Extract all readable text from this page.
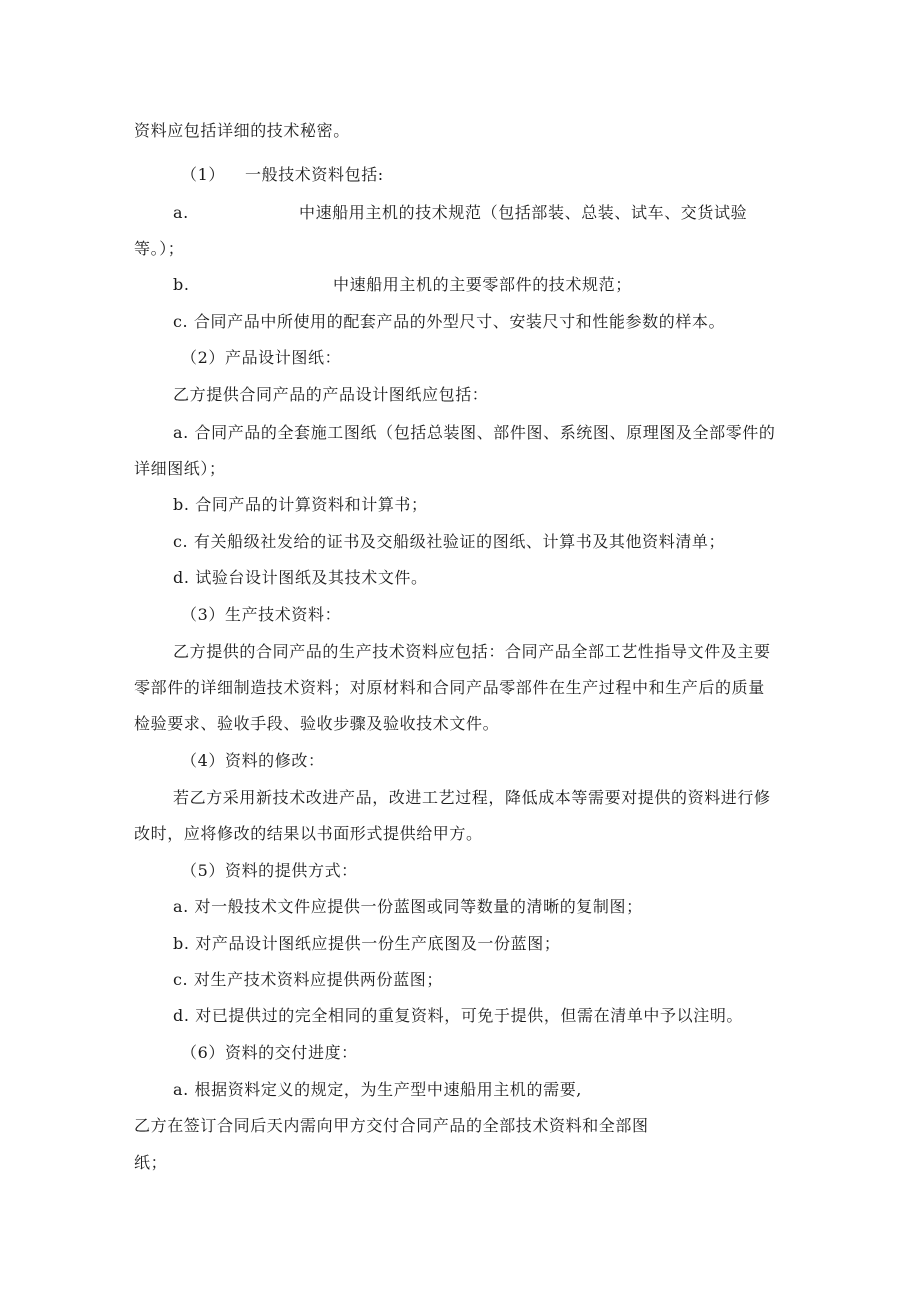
资料应包括详细的技术秘密。
（1） 一般技术资料包括:
a.	中速船用主机的技术规范（包括部装、总装、试车、交货试验
等。）；
b.	中速船用主机的主要零部件的技术规范；
c. 合同产品中所使用的配套产品的外型尺寸、安装尺寸和性能参数的样本。
（2）产品设计图纸：
乙方提供合同产品的产品设计图纸应包括：
a. 合同产品的全套施工图纸（包括总装图、部件图、系统图、原理图及全部零件的
详细图纸）；
b. 合同产品的计算资料和计算书；
c. 有关船级社发给的证书及交船级社验证的图纸、计算书及其他资料清单；
d. 试验台设计图纸及其技术文件。
（3）生产技术资料：
乙方提供的合同产品的生产技术资料应包括：合同产品全部工艺性指导文件及主要
零部件的详细制造技术资料；对原材料和合同产品零部件在生产过程中和生产后的质量
检验要求、验收手段、验收步骤及验收技术文件。
（4）资料的修改：
若乙方采用新技术改进产品，改进工艺过程，降低成本等需要对提供的资料进行修
改时，应将修改的结果以书面形式提供给甲方。
（5）资料的提供方式：
a. 对一般技术文件应提供一份蓝图或同等数量的清晰的复制图；
b. 对产品设计图纸应提供一份生产底图及一份蓝图；
c. 对生产技术资料应提供两份蓝图；
d. 对已提供过的完全相同的重复资料，可免于提供，但需在清单中予以注明。
（6）资料的交付进度：
a. 根据资料定义的规定，为生产型中速船用主机的需要,
乙方在签订合同后天内需向甲方交付合同产品的全部技术资料和全部图
纸；
